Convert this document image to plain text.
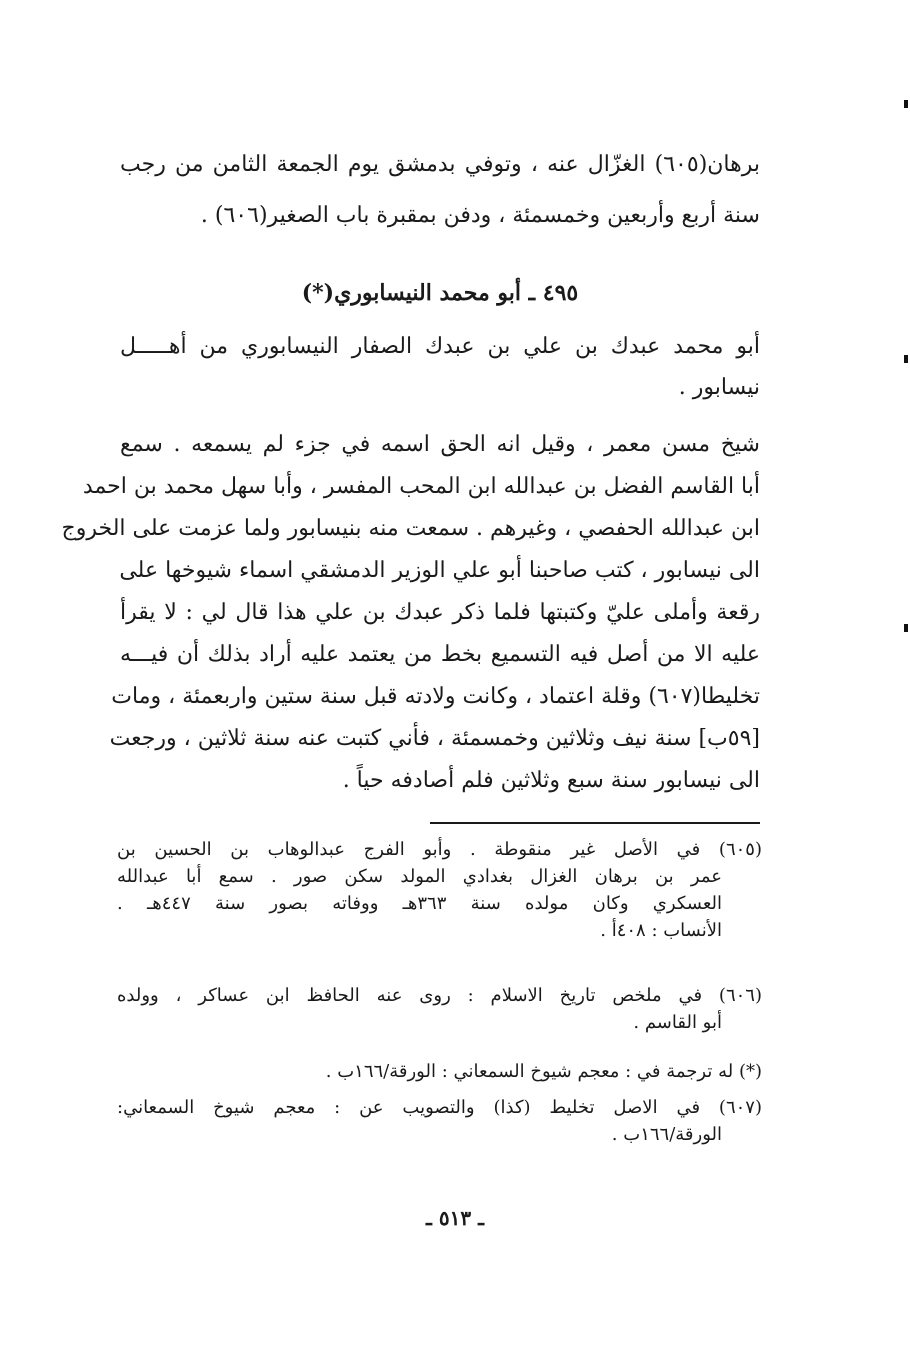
برهان(٦٠٥) الغزّال عنه ، وتوفي بدمشق يوم الجمعة الثامن من رجب
سنة أربع وأربعين وخمسمئة ، ودفن بمقبرة باب الصغير(٦٠٦) .
٤٩٥ ـ أبو محمد النيسابوري(*)
أبو محمد عبدك بن علي بن عبدك الصفار النيسابوري من أهـــــل
نيسابور .
شيخ مسن معمر ، وقيل انه الحق اسمه في جزء لم يسمعه . سمع
أبا القاسم الفضل بن عبدالله ابن المحب المفسر ، وأبا سهل محمد بن احمد
ابن عبدالله الحفصي ، وغيرهم . سمعت منه بنيسابور ولما عزمت على الخروج
الى نيسابور ، كتب صاحبنا أبو علي الوزير الدمشقي اسماء شيوخها على
رقعة وأملى عليّ وكتبتها فلما ذكر عبدك بن علي هذا قال لي : لا يقرأ
عليه الا من أصل فيه التسميع بخط من يعتمد عليه أراد بذلك أن فيـــه
تخليطا(٦٠٧) وقلة اعتماد ، وكانت ولادته قبل سنة ستين واربعمئة ، ومات
[٥٩ب] سنة نيف وثلاثين وخمسمئة ، فأني كتبت عنه سنة ثلاثين ، ورجعت
الى نيسابور سنة سبع وثلاثين فلم أصادفه حياً .
(٦٠٥) في الأصل غير منقوطة . وأبو الفرج عبدالوهاب بن الحسين بن
عمر بن برهان الغزال بغدادي المولد سكن صور . سمع أبا عبدالله
العسكري وكان مولده سنة ٣٦٣هـ ووفاته بصور سنة ٤٤٧هـ .
الأنساب : ٤٠٨أ .
(٦٠٦) في ملخص تاريخ الاسلام : روى عنه الحافظ ابن عساكر ، وولده
أبو القاسم .
(*) له ترجمة في : معجم شيوخ السمعاني : الورقة/١٦٦ب .
(٦٠٧) في الاصل تخليط (كذا) والتصويب عن : معجم شيوخ السمعاني:
الورقة/١٦٦ب .
ـ ٥١٣ ـ
